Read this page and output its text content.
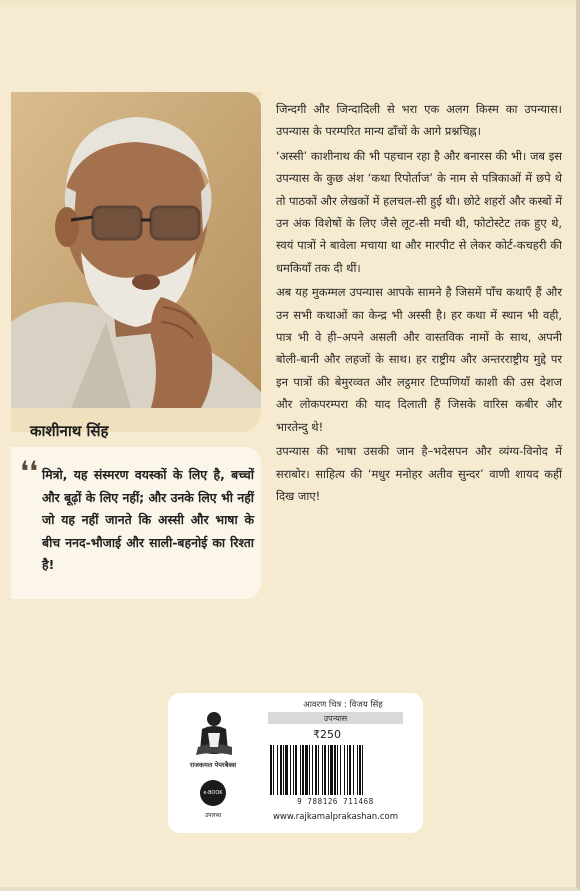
काशीनाथ सिंह
❛❛ मित्रो, यह संस्मरण वयस्कों के लिए है, बच्चों और बूढ़ों के लिए नहीं; और उनके लिए भी नहीं जो यह नहीं जानते कि अस्सी और भाषा के बीच ननद-भौजाई और साली-बहनोई का रिश्ता है!

जिन्दगी और जिन्दादिली से भरा एक अलग किस्म का उपन्यास। उपन्यास के परम्परित मान्य ढाँचों के आगे प्रश्नचिह्न।

‘अस्सी’ काशीनाथ की भी पहचान रहा है और बनारस की भी। जब इस उपन्यास के कुछ अंश ‘कथा रिपोर्ताज’ के नाम से पत्रिकाओं में छपे थे तो पाठकों और लेखकों में हलचल-सी हुई थी। छोटे शहरों और कस्बों में उन अंक विशेषों के लिए जैसे लूट-सी मची थी, फोटोस्टेट तक हुए थे, स्वयं पात्रों ने बावेला मचाया था और मारपीट से लेकर कोर्ट-कचहरी की धमकियाँ तक दी थीं।

अब यह मुकम्मल उपन्यास आपके सामने है जिसमें पाँच कथाएँ हैं और उन सभी कथाओं का केन्द्र भी अस्सी है। हर कथा में स्थान भी वही, पात्र भी वे ही–अपने असली और वास्तविक नामों के साथ, अपनी बोली-बानी और लहजों के साथ। हर राष्ट्रीय और अन्तरराष्ट्रीय मुद्दे पर इन पात्रों की बेमुरव्वत और लट्ठमार टिप्पणियाँ काशी की उस देशज और लोकपरम्परा की याद दिलाती हैं जिसके वारिस कबीर और भारतेन्दु थे!

उपन्यास की भाषा उसकी जान है–भदेसपन और व्यंग्य-विनोद में सराबोर। साहित्य की ‘मधुर मनोहर अतीव सुन्दर’ वाणी शायद कहीं दिख जाए!

राजकमल पेपरबैक्स
e-BOOK
उपलब्ध
आवरण चित्र : विजय सिंह
उपन्यास
₹250
9 788126 711468
www.rajkamalprakashan.com
